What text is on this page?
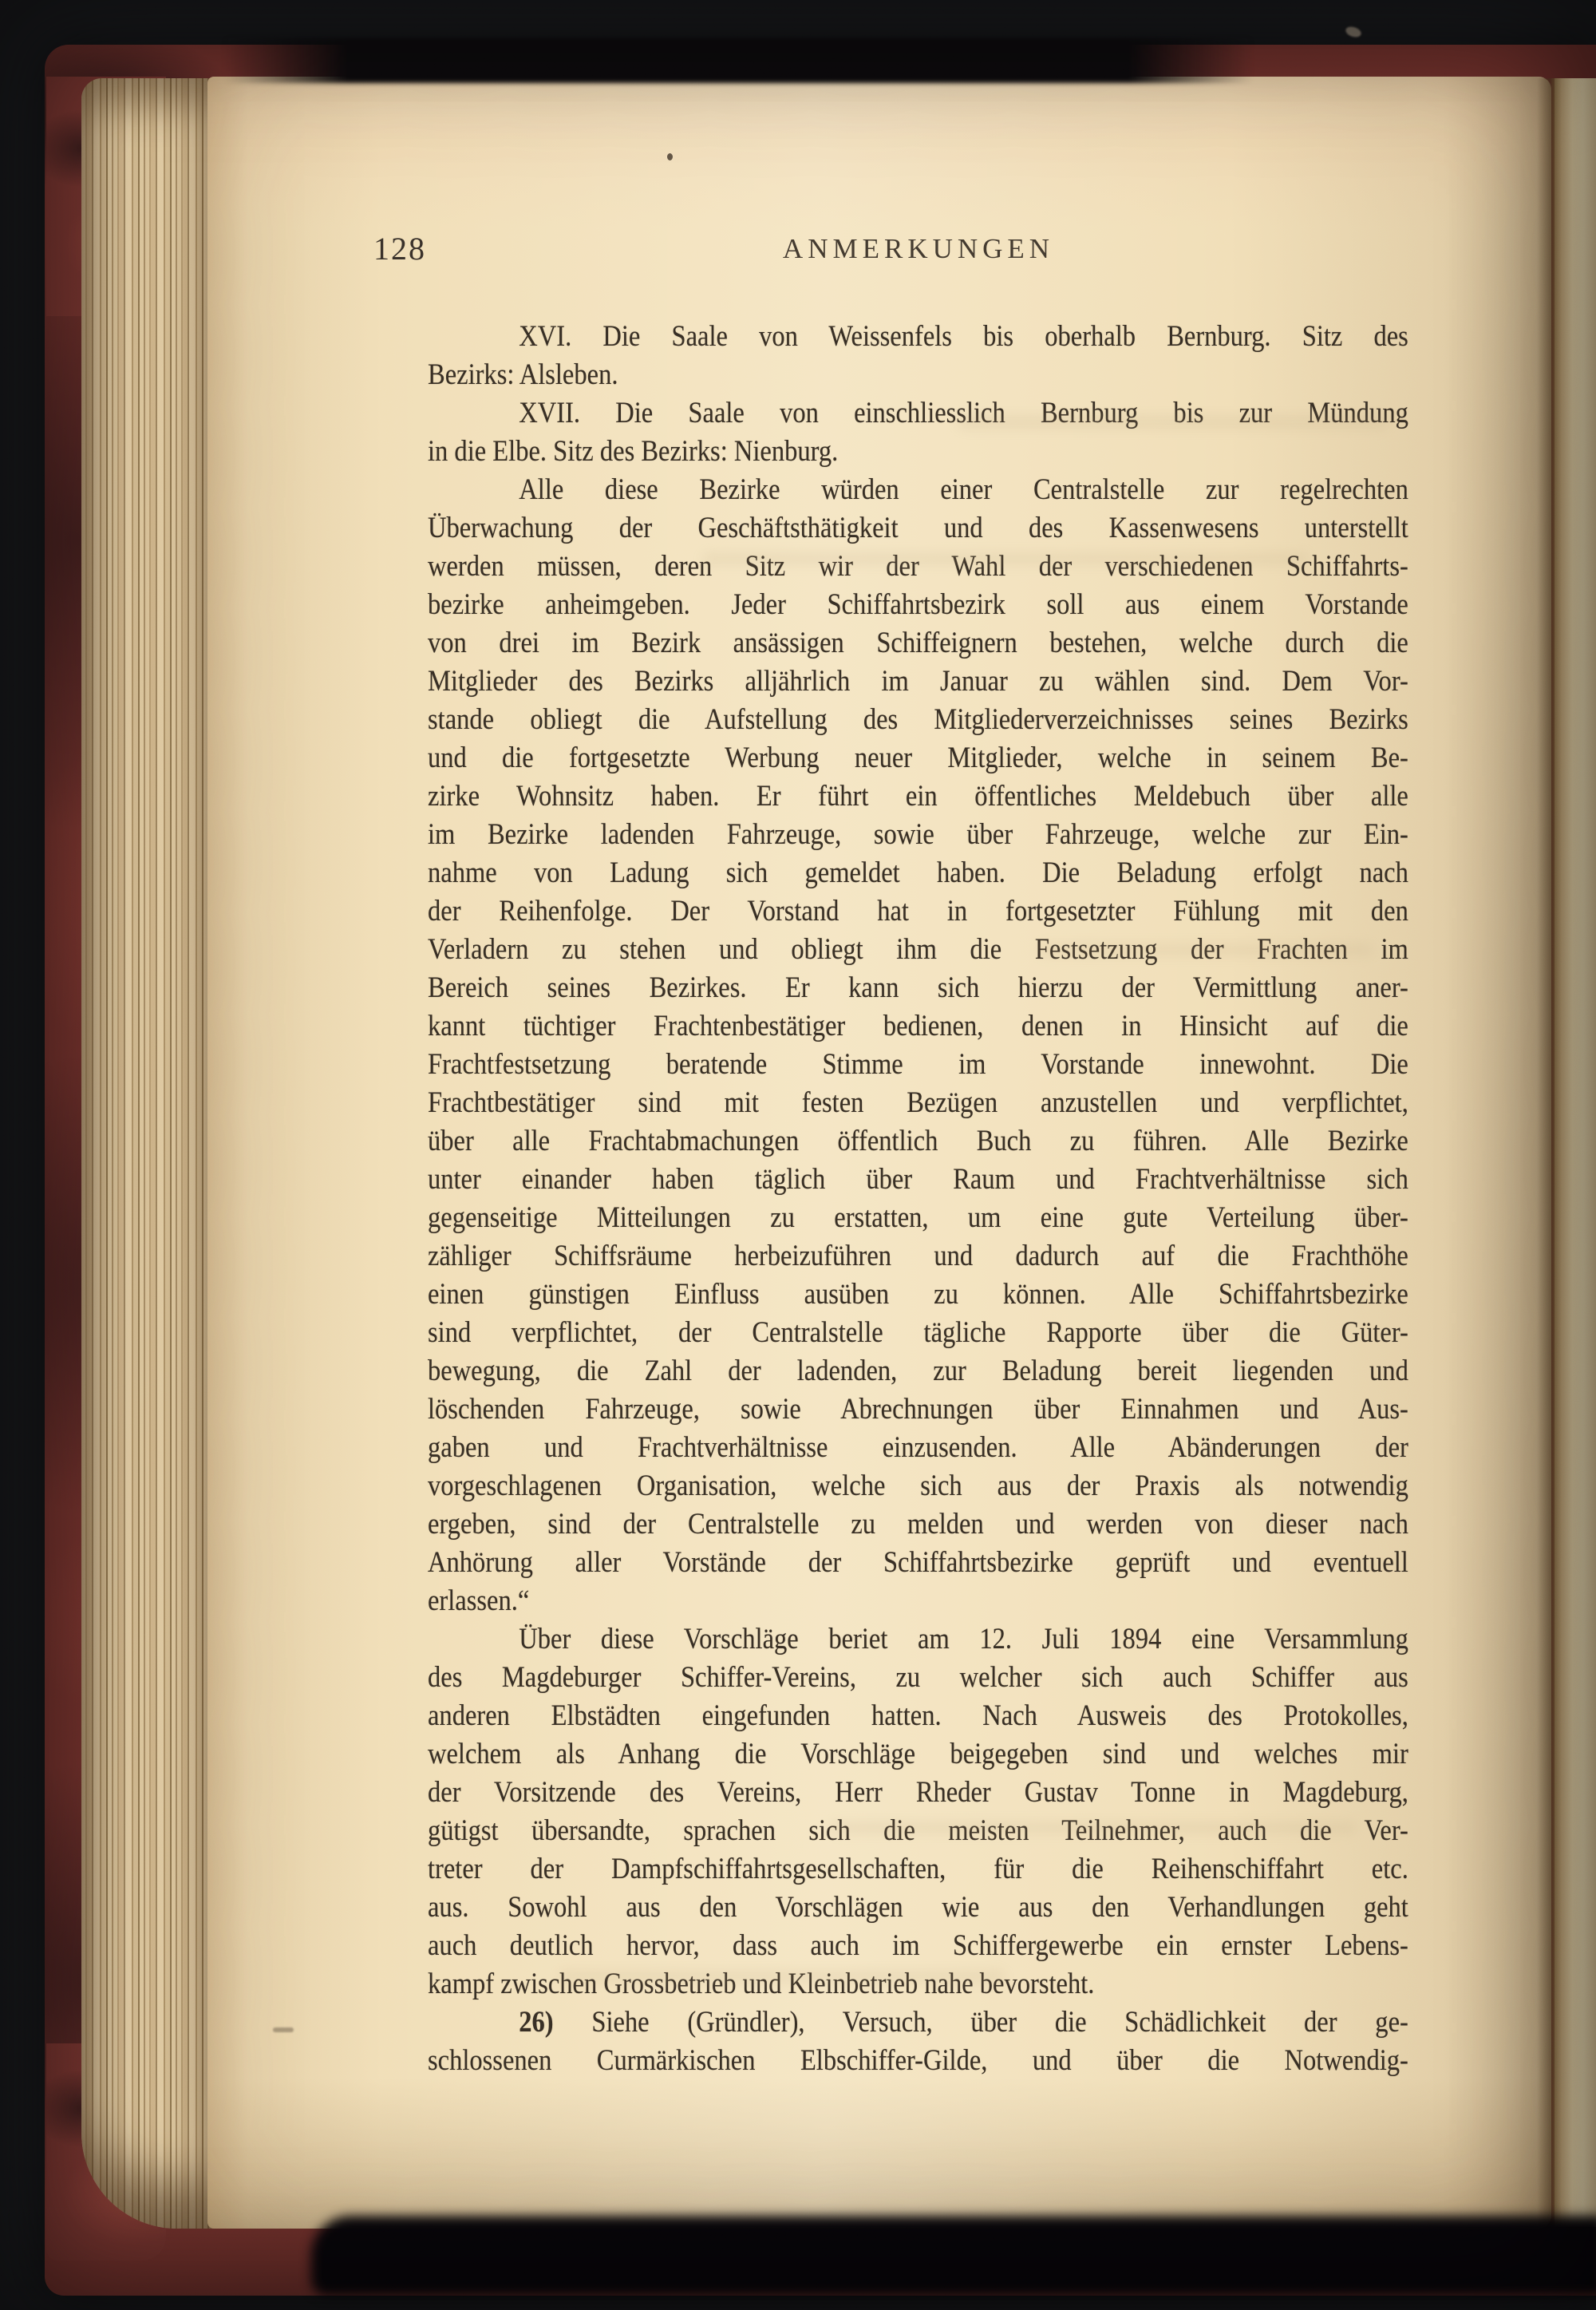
128	ANMERKUNGEN
XVI. Die Saale von Weissenfels bis oberhalb Bernburg. Sitz des
Bezirks: Alsleben.
XVII. Die Saale von einschliesslich Bernburg bis zur Mündung
in die Elbe. Sitz des Bezirks: Nienburg.
Alle diese Bezirke würden einer Centralstelle zur regelrechten
Überwachung der Geschäftsthätigkeit und des Kassenwesens unterstellt
werden müssen, deren Sitz wir der Wahl der verschiedenen Schiffahrts-
bezirke anheimgeben. Jeder Schiffahrtsbezirk soll aus einem Vorstande
von drei im Bezirk ansässigen Schiffeignern bestehen, welche durch die
Mitglieder des Bezirks alljährlich im Januar zu wählen sind. Dem Vor-
stande obliegt die Aufstellung des Mitgliederverzeichnisses seines Bezirks
und die fortgesetzte Werbung neuer Mitglieder, welche in seinem Be-
zirke Wohnsitz haben. Er führt ein öffentliches Meldebuch über alle
im Bezirke ladenden Fahrzeuge, sowie über Fahrzeuge, welche zur Ein-
nahme von Ladung sich gemeldet haben. Die Beladung erfolgt nach
der Reihenfolge. Der Vorstand hat in fortgesetzter Fühlung mit den
Verladern zu stehen und obliegt ihm die Festsetzung der Frachten im
Bereich seines Bezirkes. Er kann sich hierzu der Vermittlung aner-
kannt tüchtiger Frachtenbestätiger bedienen, denen in Hinsicht auf die
Frachtfestsetzung beratende Stimme im Vorstande innewohnt. Die
Frachtbestätiger sind mit festen Bezügen anzustellen und verpflichtet,
über alle Frachtabmachungen öffentlich Buch zu führen. Alle Bezirke
unter einander haben täglich über Raum und Frachtverhältnisse sich
gegenseitige Mitteilungen zu erstatten, um eine gute Verteilung über-
zähliger Schiffsräume herbeizuführen und dadurch auf die Frachthöhe
einen günstigen Einfluss ausüben zu können. Alle Schiffahrtsbezirke
sind verpflichtet, der Centralstelle tägliche Rapporte über die Güter-
bewegung, die Zahl der ladenden, zur Beladung bereit liegenden und
löschenden Fahrzeuge, sowie Abrechnungen über Einnahmen und Aus-
gaben und Frachtverhältnisse einzusenden. Alle Abänderungen der
vorgeschlagenen Organisation, welche sich aus der Praxis als notwendig
ergeben, sind der Centralstelle zu melden und werden von dieser nach
Anhörung aller Vorstände der Schiffahrtsbezirke geprüft und eventuell
erlassen.“
Über diese Vorschläge beriet am 12. Juli 1894 eine Versammlung
des Magdeburger Schiffer-Vereins, zu welcher sich auch Schiffer aus
anderen Elbstädten eingefunden hatten. Nach Ausweis des Protokolles,
welchem als Anhang die Vorschläge beigegeben sind und welches mir
der Vorsitzende des Vereins, Herr Rheder Gustav Tonne in Magdeburg,
gütigst übersandte, sprachen sich die meisten Teilnehmer, auch die Ver-
treter der Dampfschiffahrtsgesellschaften, für die Reihenschiffahrt etc.
aus. Sowohl aus den Vorschlägen wie aus den Verhandlungen geht
auch deutlich hervor, dass auch im Schiffergewerbe ein ernster Lebens-
kampf zwischen Grossbetrieb und Kleinbetrieb nahe bevorsteht.
26) Siehe (Gründler), Versuch, über die Schädlichkeit der ge-
schlossenen Curmärkischen Elbschiffer-Gilde, und über die Notwendig-
